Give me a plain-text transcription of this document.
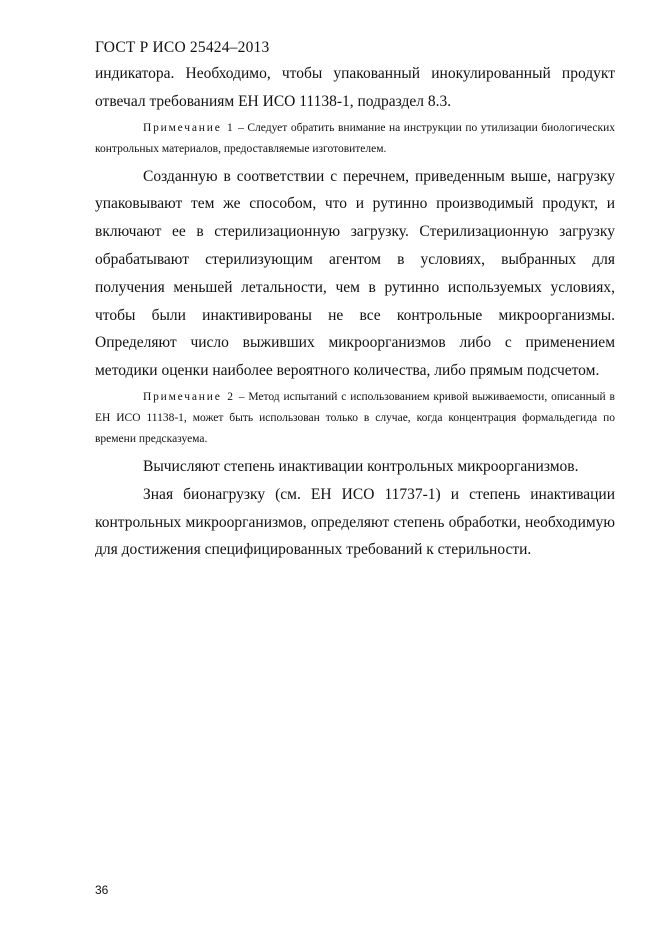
ГОСТ Р ИСО 25424–2013

индикатора. Необходимо, чтобы упакованный инокулированный продукт отвечал требованиям ЕН ИСО 11138-1, подраздел 8.3.

Примечание 1 – Следует обратить внимание на инструкции по утилизации биологических контрольных материалов, предоставляемые изготовителем.

Созданную в соответствии с перечнем, приведенным выше, нагрузку упаковывают тем же способом, что и рутинно производимый продукт, и включают ее в стерилизационную загрузку. Стерилизационную загрузку обрабатывают стерилизующим агентом в условиях, выбранных для получения меньшей летальности, чем в рутинно используемых условиях, чтобы были инактивированы не все контрольные микроорганизмы. Определяют число выживших микроорганизмов либо с применением методики оценки наиболее вероятного количества, либо прямым подсчетом.

Примечание 2 – Метод испытаний с использованием кривой выживаемости, описанный в ЕН ИСО 11138-1, может быть использован только в случае, когда концентрация формальдегида по времени предсказуема.

Вычисляют степень инактивации контрольных микроорганизмов.

Зная бионагрузку (см. ЕН ИСО 11737-1) и степень инактивации контрольных микроорганизмов, определяют степень обработки, необходимую для достижения специфицированных требований к стерильности.

36
